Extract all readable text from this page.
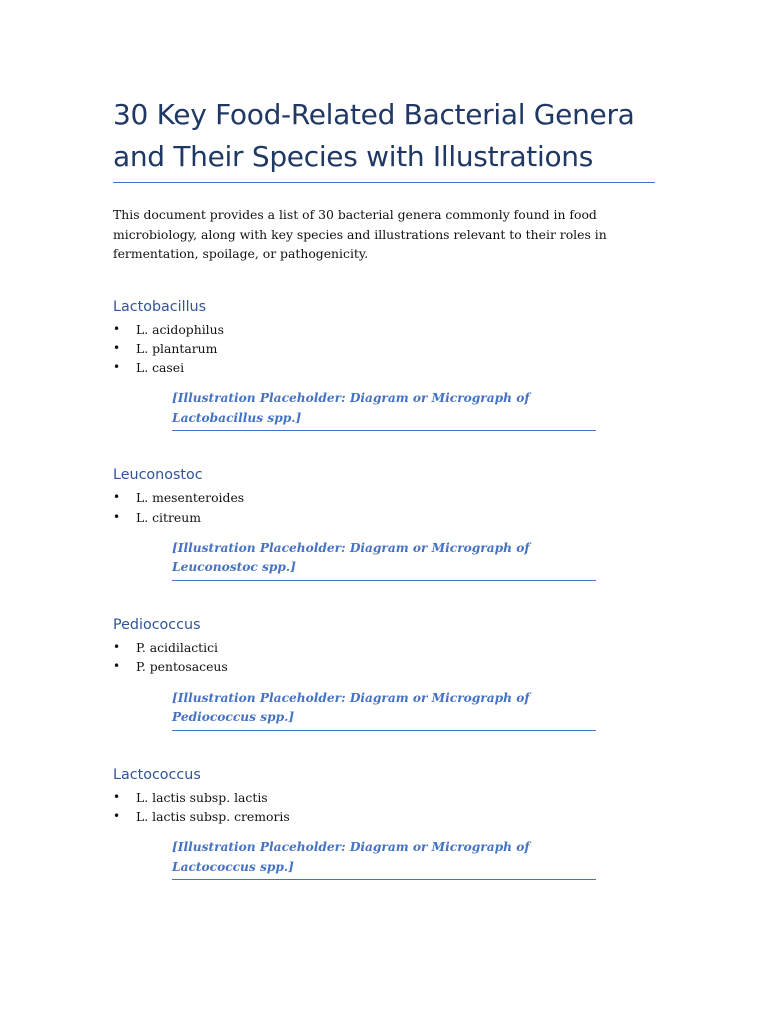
30 Key Food-Related Bacterial Genera and Their Species with Illustrations

This document provides a list of 30 bacterial genera commonly found in food microbiology, along with key species and illustrations relevant to their roles in fermentation, spoilage, or pathogenicity.

Lactobacillus
• L. acidophilus
• L. plantarum
• L. casei
[Illustration Placeholder: Diagram or Micrograph of Lactobacillus spp.]
Leuconostoc
• L. mesenteroides
• L. citreum
[Illustration Placeholder: Diagram or Micrograph of Leuconostoc spp.]
Pediococcus
• P. acidilactici
• P. pentosaceus
[Illustration Placeholder: Diagram or Micrograph of Pediococcus spp.]
Lactococcus
• L. lactis subsp. lactis
• L. lactis subsp. cremoris
[Illustration Placeholder: Diagram or Micrograph of Lactococcus spp.]
